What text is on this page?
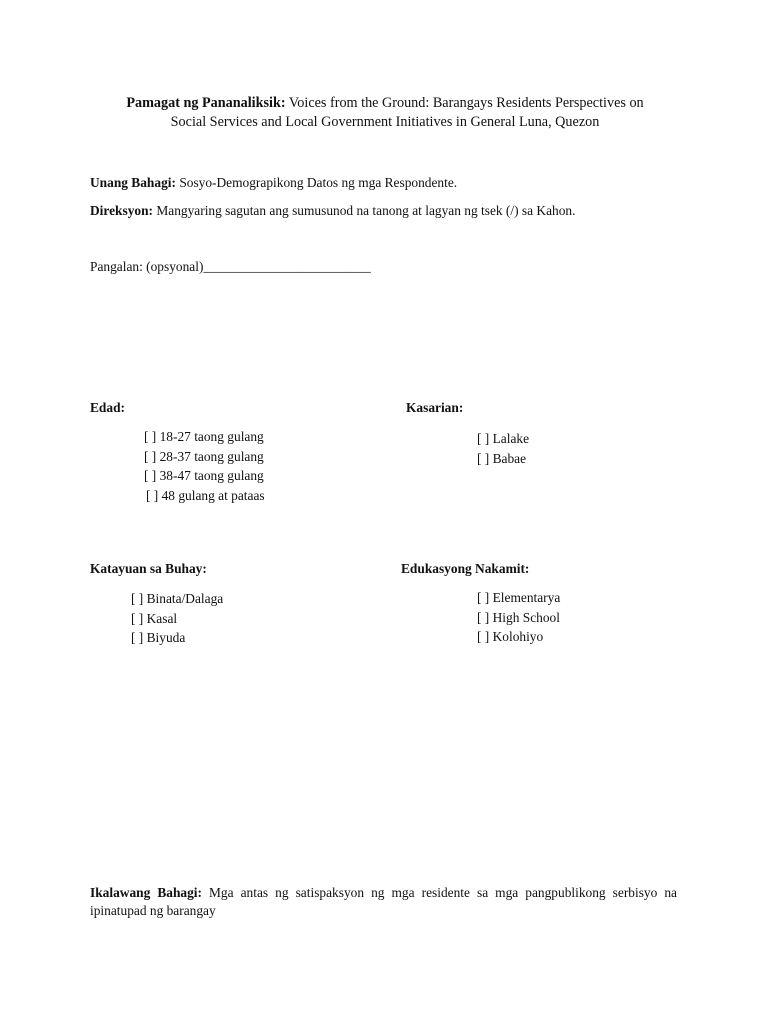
Pamagat ng Pananaliksik: Voices from the Ground: Barangays Residents Perspectives on
Social Services and Local Government Initiatives in General Luna, Quezon
Unang Bahagi: Sosyo-Demograpikong Datos ng mga Respondente.
Direksyon: Mangyaring sagutan ang sumusunod na tanong at lagyan ng tsek (/) sa Kahon.
Pangalan: (opsyonal)_________________________
Edad:
[ ] 18-27 taong gulang
[ ] 28-37 taong gulang
[ ] 38-47 taong gulang
[ ] 48 gulang at pataas
Kasarian:
[ ] Lalake
[ ] Babae
Katayuan sa Buhay:
[ ] Binata/Dalaga
[ ] Kasal
[ ] Biyuda
Edukasyong Nakamit:
[ ] Elementarya
[ ] High School
[ ] Kolohiyo
Ikalawang Bahagi: Mga antas ng satispaksyon ng mga residente sa mga pangpublikong serbisyo na ipinatupad ng barangay
